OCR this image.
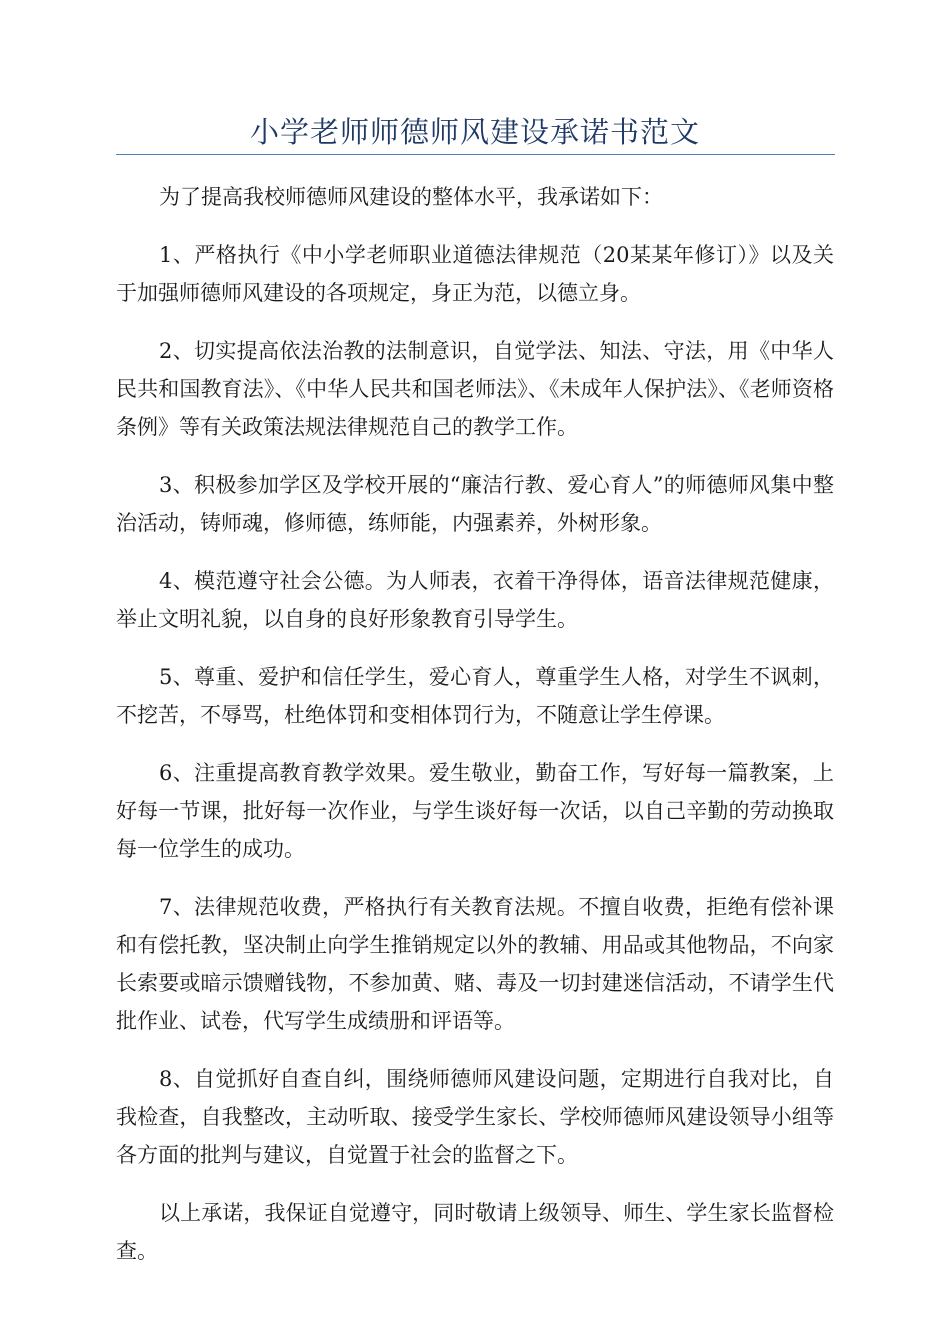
小学老师师德师风建设承诺书范文

为了提高我校师德师风建设的整体水平，我承诺如下：

1、严格执行《中小学老师职业道德法律规范（20某某年修订）》以及关于加强师德师风建设的各项规定，身正为范，以德立身。

2、切实提高依法治教的法制意识，自觉学法、知法、守法，用《中华人民共和国教育法》、《中华人民共和国老师法》、《未成年人保护法》、《老师资格条例》等有关政策法规法律规范自己的教学工作。

3、积极参加学区及学校开展的“廉洁行教、爱心育人”的师德师风集中整治活动，铸师魂，修师德，练师能，内强素养，外树形象。

4、模范遵守社会公德。为人师表，衣着干净得体，语音法律规范健康，举止文明礼貌，以自身的良好形象教育引导学生。

5、尊重、爱护和信任学生，爱心育人，尊重学生人格，对学生不讽刺，不挖苦，不辱骂，杜绝体罚和变相体罚行为，不随意让学生停课。

6、注重提高教育教学效果。爱生敬业，勤奋工作，写好每一篇教案，上好每一节课，批好每一次作业，与学生谈好每一次话，以自己辛勤的劳动换取每一位学生的成功。

7、法律规范收费，严格执行有关教育法规。不擅自收费，拒绝有偿补课和有偿托教，坚决制止向学生推销规定以外的教辅、用品或其他物品，不向家长索要或暗示馈赠钱物，不参加黄、赌、毒及一切封建迷信活动，不请学生代批作业、试卷，代写学生成绩册和评语等。

8、自觉抓好自查自纠，围绕师德师风建设问题，定期进行自我对比，自我检查，自我整改，主动听取、接受学生家长、学校师德师风建设领导小组等各方面的批判与建议，自觉置于社会的监督之下。

以上承诺，我保证自觉遵守，同时敬请上级领导、师生、学生家长监督检查。
